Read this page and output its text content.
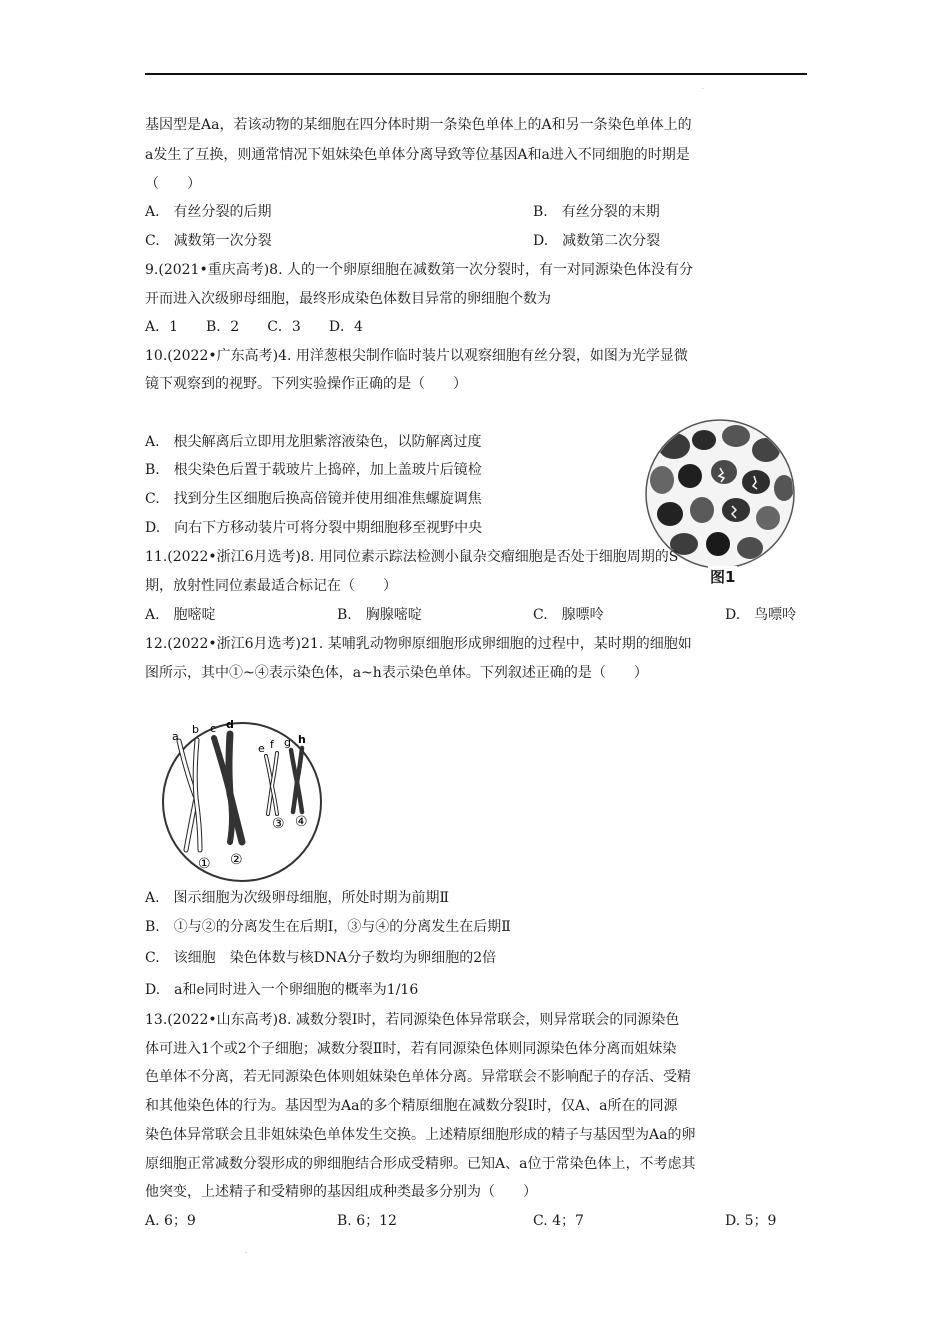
.
基因型是Aa，若该动物的某细胞在四分体时期一条染色单体上的A和另一条染色单体上的
a发生了互换，则通常情况下姐妹染色单体分离导致等位基因A和a进入不同细胞的时期是
（　　）
A.　有丝分裂的后期	B.　有丝分裂的末期
C.　减数第一次分裂	D.　减数第二次分裂
9.(2021•重庆高考)8. 人的一个卵原细胞在减数第一次分裂时，有一对同源染色体没有分
开而进入次级卵母细胞，最终形成染色体数目异常的卵细胞个数为
A．1　　B．2　　C．3　　D．4
10.(2022•广东高考)4. 用洋葱根尖制作临时装片以观察细胞有丝分裂，如图为光学显微
镜下观察到的视野。下列实验操作正确的是（　　）
A.　根尖解离后立即用龙胆紫溶液染色，以防解离过度
B.　根尖染色后置于载玻片上捣碎，加上盖玻片后镜检
C.　找到分生区细胞后换高倍镜并使用细准焦螺旋调焦
D.　向右下方移动装片可将分裂中期细胞移至视野中央
图1
11.(2022•浙江6月选考)8. 用同位素示踪法检测小鼠杂交瘤细胞是否处于细胞周期的S
期，放射性同位素最适合标记在（　　）
A.　胞嘧啶	B.　胸腺嘧啶	C.　腺嘌呤	D.　鸟嘌呤
12.(2022•浙江6月选考)21. 某哺乳动物卵原细胞形成卵细胞的过程中，某时期的细胞如
图所示，其中①~④表示染色体，a~h表示染色单体。下列叙述正确的是（　　）
a
b c d
e f g h
① ②
③ ④
A.　图示细胞为次级卵母细胞，所处时期为前期Ⅱ
B.　①与②的分离发生在后期Ⅰ，③与④的分离发生在后期Ⅱ
C.　该细胞　染色体数与核DNA分子数均为卵细胞的2倍
D.　a和e同时进入一个卵细胞的概率为1/16
13.(2022•山东高考)8. 减数分裂Ⅰ时，若同源染色体异常联会，则异常联会的同源染色
体可进入1个或2个子细胞；减数分裂Ⅱ时，若有同源染色体则同源染色体分离而姐妹染
色单体不分离，若无同源染色体则姐妹染色单体分离。异常联会不影响配子的存活、受精
和其他染色体的行为。基因型为Aa的多个精原细胞在减数分裂Ⅰ时，仅A、a所在的同源
染色体异常联会且非姐妹染色单体发生交换。上述精原细胞形成的精子与基因型为Aa的卵
原细胞正常减数分裂形成的卵细胞结合形成受精卵。已知A、a位于常染色体上，不考虑其
他突变，上述精子和受精卵的基因组成种类最多分别为（　　）
A. 6；9	B. 6；12	C. 4；7	D. 5；9
.
